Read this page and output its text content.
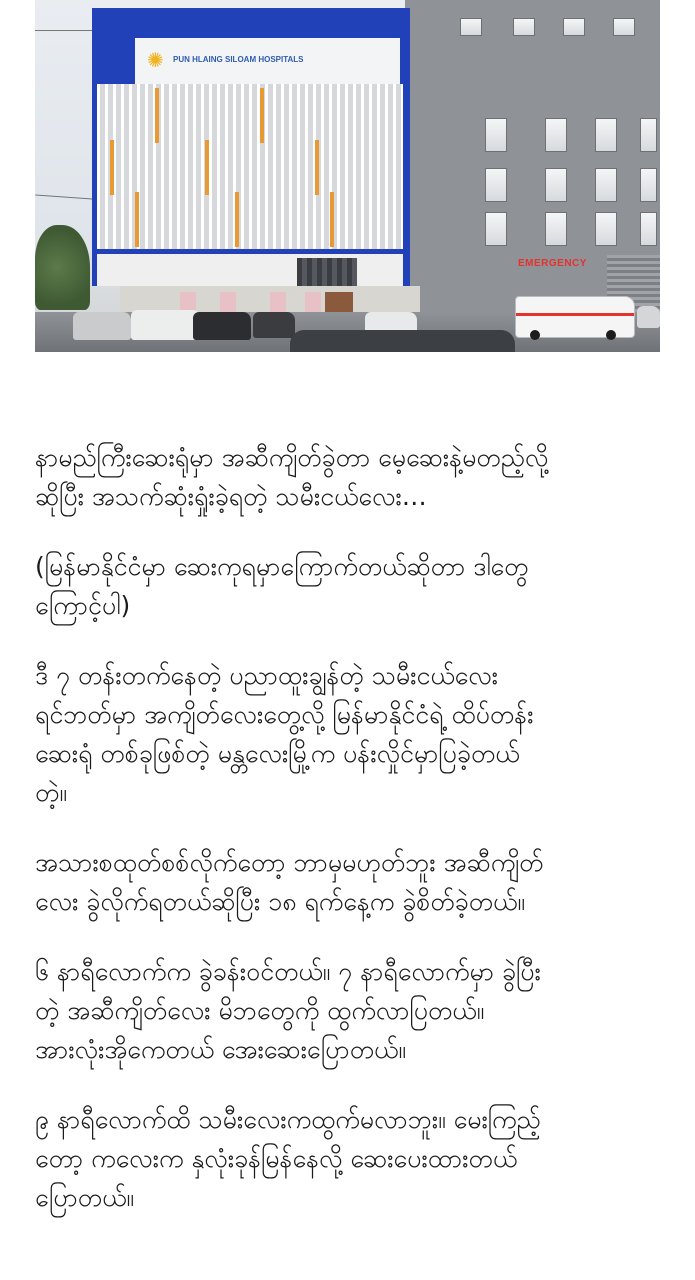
EMERGENCY
✺ PUN HLAING SILOAM HOSPITALS

နာမည်ကြီးဆေးရုံမှာ အဆီကျိတ်ခွဲတာ မေ့ဆေးနဲ့မတည့်လို့
ဆိုပြီး အသက်ဆုံးရှုံးခဲ့ရတဲ့ သမီးငယ်လေး…

(မြန်မာနိုင်ငံမှာ ဆေးကုရမှာကြောက်တယ်ဆိုတာ ဒါတွေ
ကြောင့်ပါ)

ဒီ ၇ တန်းတက်နေတဲ့ ပညာထူးချွန်တဲ့ သမီးငယ်လေး
ရင်ဘတ်မှာ အကျိတ်လေးတွေ့လို့ မြန်မာနိုင်ငံရဲ့ ထိပ်တန်း
ဆေးရုံ တစ်ခုဖြစ်တဲ့ မန္တလေးမြို့က ပန်းလှိုင်မှာပြခဲ့တယ်
တဲ့။

အသားစထုတ်စစ်လိုက်တော့ ဘာမှမဟုတ်ဘူး အဆီကျိတ်
လေး ခွဲလိုက်ရတယ်ဆိုပြီး ၁၈ ရက်နေ့က ခွဲစိတ်ခဲ့တယ်။

၆ နာရီလောက်က ခွဲခန်းဝင်တယ်။ ၇ နာရီလောက်မှာ ခွဲပြီး
တဲ့ အဆီကျိတ်လေး မိဘတွေကို ထွက်လာပြတယ်။
အားလုံးအိုကေတယ် အေးဆေးပြောတယ်။

၉ နာရီလောက်ထိ သမီးလေးကထွက်မလာဘူး။ မေးကြည့်
တော့ ကလေးက နှလုံးခုန်မြန်နေလို့ ဆေးပေးထားတယ်
ပြောတယ်။
